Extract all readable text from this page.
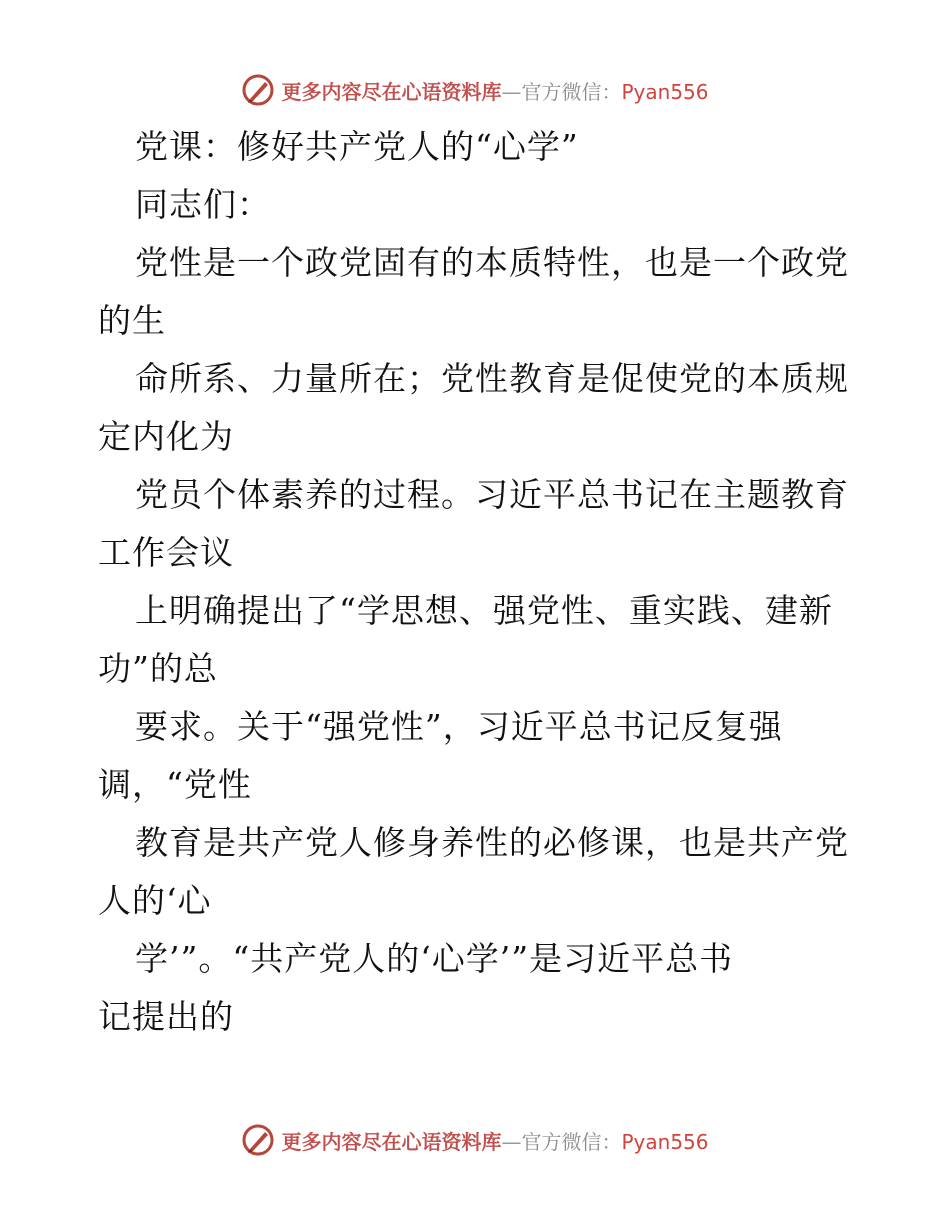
更多内容尽在心语资料库—官方微信：Pyan556
党课：修好共产党人的“心学”
同志们：
党性是一个政党固有的本质特性，也是一个政党
的生
命所系、力量所在；党性教育是促使党的本质规
定内化为
党员个体素养的过程。习近平总书记在主题教育
工作会议
上明确提出了“学思想、强党性、重实践、建新
功”的总
要求。关于“强党性”，习近平总书记反复强
调，“党性
教育是共产党人修身养性的必修课，也是共产党
人的‘心
学’”。“共产党人的‘心学’”是习近平总书
记提出的
更多内容尽在心语资料库—官方微信：Pyan556
